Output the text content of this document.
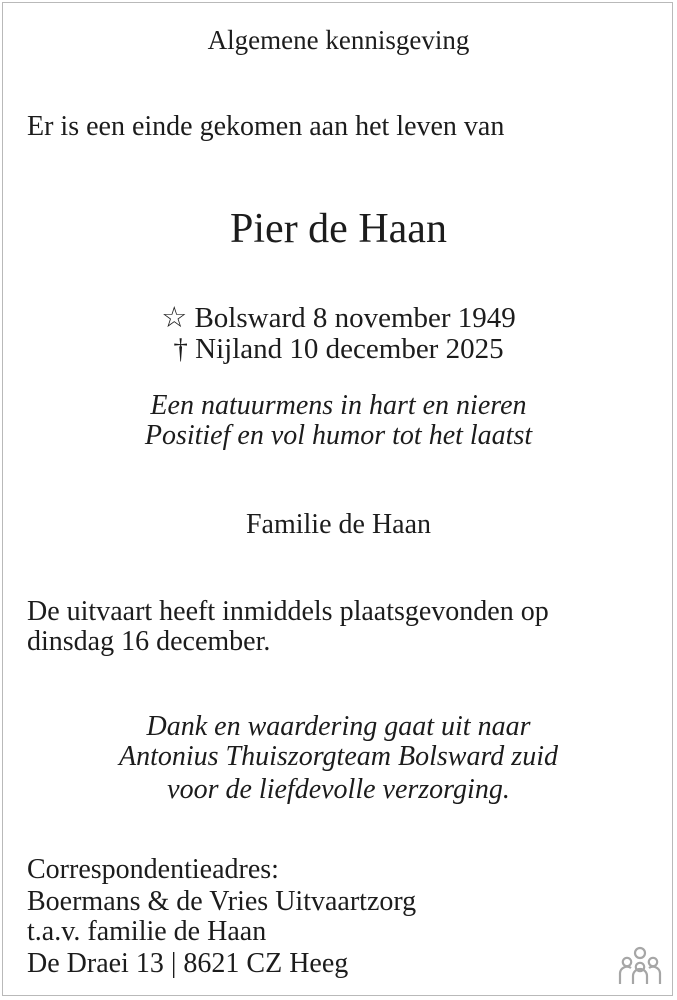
Algemene kennisgeving

Er is een einde gekomen aan het leven van

Pier de Haan

☆ Bolsward 8 november 1949

† Nijland 10 december 2025

Een natuurmens in hart en nieren

Positief en vol humor tot het laatst

Familie de Haan

De uitvaart heeft inmiddels plaatsgevonden op

dinsdag 16 december.

Dank en waardering gaat uit naar

Antonius Thuiszorgteam Bolsward zuid

voor de liefdevolle verzorging.

Correspondentieadres:

Boermans & de Vries Uitvaartzorg

t.a.v. familie de Haan

De Draei 13 | 8621 CZ Heeg
